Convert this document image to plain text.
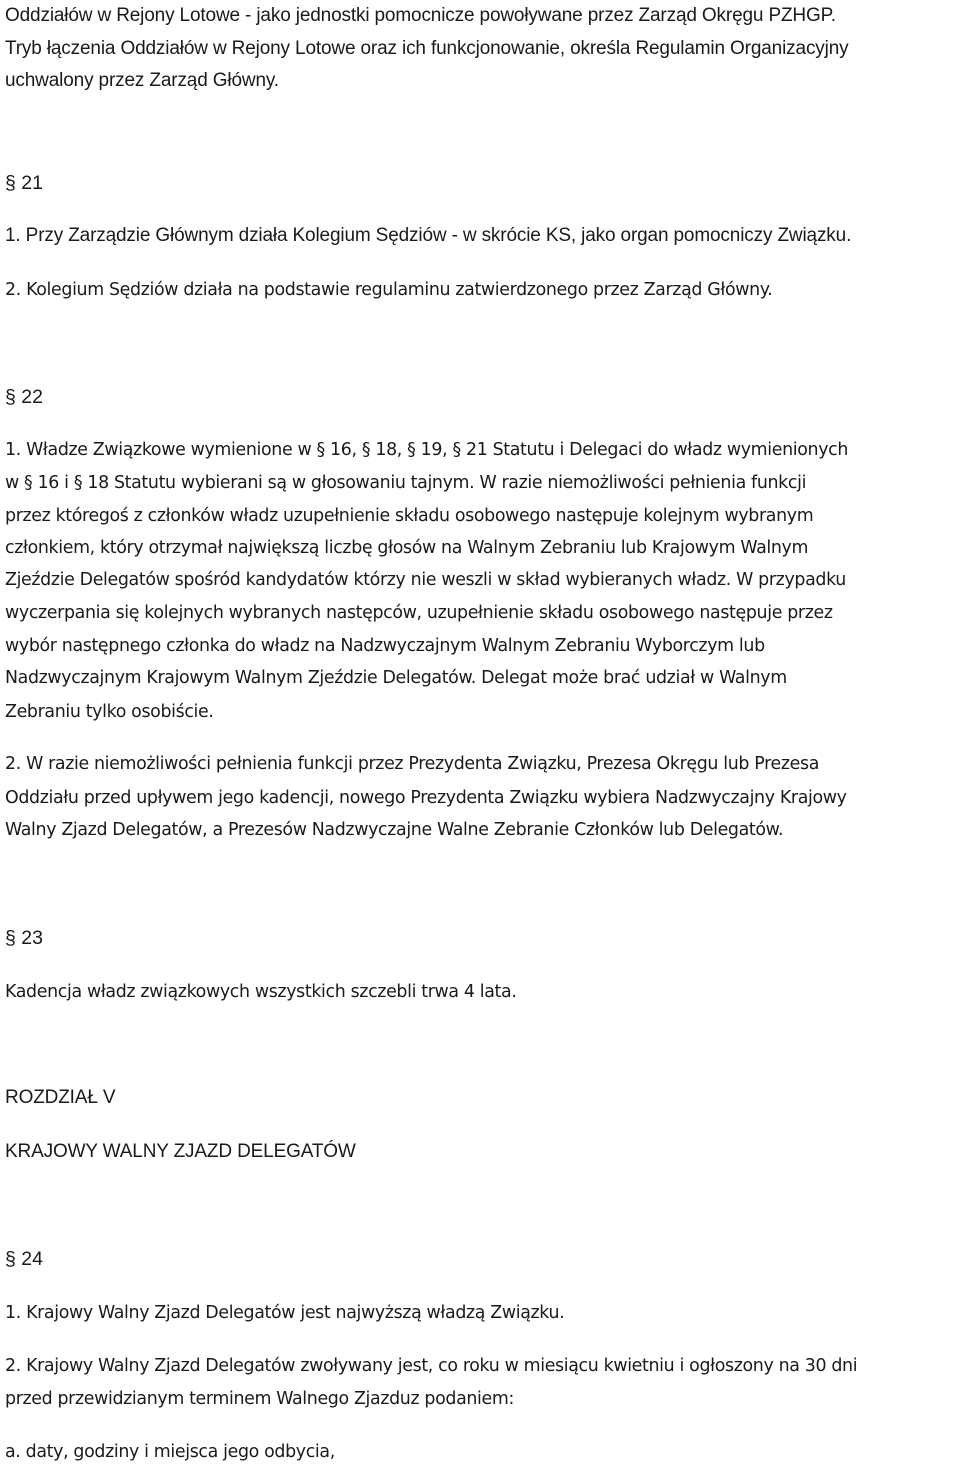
Oddziałów w Rejony Lotowe - jako jednostki pomocnicze powoływane przez Zarząd Okręgu PZHGP.
Tryb łączenia Oddziałów w Rejony Lotowe oraz ich funkcjonowanie, określa Regulamin Organizacyjny
uchwalony przez Zarząd Główny.
§ 21
1. Przy Zarządzie Głównym działa Kolegium Sędziów - w skrócie KS, jako organ pomocniczy Związku.
2. Kolegium Sędziów działa na podstawie regulaminu zatwierdzonego przez Zarząd Główny.
§ 22
1. Władze Związkowe wymienione w § 16, § 18, § 19, § 21 Statutu i Delegaci do władz wymienionych
w § 16 i § 18 Statutu wybierani są w głosowaniu tajnym. W razie niemożliwości pełnienia funkcji
przez któregoś z członków władz uzupełnienie składu osobowego następuje kolejnym wybranym
członkiem, który otrzymał największą liczbę głosów na Walnym Zebraniu lub Krajowym Walnym
Zjeździe Delegatów spośród kandydatów którzy nie weszli w skład wybieranych władz. W przypadku
wyczerpania się kolejnych wybranych następców, uzupełnienie składu osobowego następuje przez
wybór następnego członka do władz na Nadzwyczajnym Walnym Zebraniu Wyborczym lub
Nadzwyczajnym Krajowym Walnym Zjeździe Delegatów. Delegat może brać udział w Walnym
Zebraniu tylko osobiście.
2. W razie niemożliwości pełnienia funkcji przez Prezydenta Związku, Prezesa Okręgu lub Prezesa
Oddziału przed upływem jego kadencji, nowego Prezydenta Związku wybiera Nadzwyczajny Krajowy
Walny Zjazd Delegatów, a Prezesów Nadzwyczajne Walne Zebranie Członków lub Delegatów.
§ 23
Kadencja władz związkowych wszystkich szczebli trwa 4 lata.
ROZDZIAŁ V
KRAJOWY WALNY ZJAZD DELEGATÓW
§ 24
1. Krajowy Walny Zjazd Delegatów jest najwyższą władzą Związku.
2. Krajowy Walny Zjazd Delegatów zwoływany jest, co roku w miesiącu kwietniu i ogłoszony na 30 dni
przed przewidzianym terminem Walnego Zjazduz podaniem:
a. daty, godziny i miejsca jego odbycia,
